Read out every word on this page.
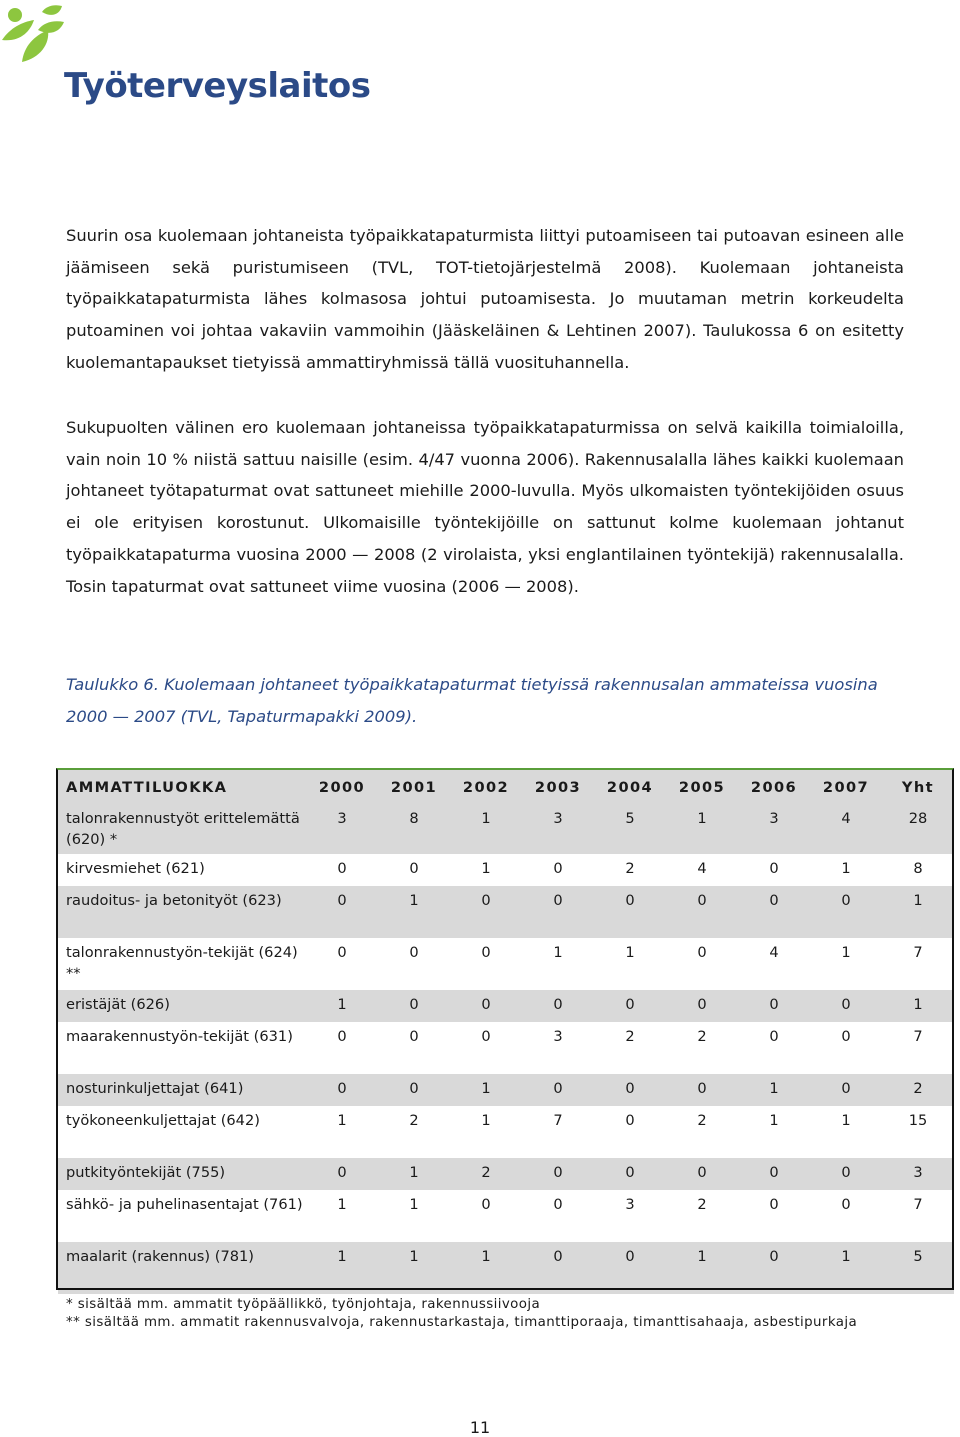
Työterveyslaitos

Suurin osa kuolemaan johtaneista työpaikkatapaturmista liittyi putoamiseen tai putoavan esineen alle jäämiseen sekä puristumiseen (TVL, TOT-tietojärjestelmä 2008). Kuolemaan johtaneista työpaikkatapaturmista lähes kolmasosa johtui putoamisesta. Jo muutaman metrin korkeudelta putoaminen voi johtaa vakaviin vammoihin (Jääskeläinen & Lehtinen 2007). Taulukossa 6 on esitetty kuolemantapaukset tietyissä ammattiryhmissä tällä vuosituhannella.

Sukupuolten välinen ero kuolemaan johtaneissa työpaikkatapaturmissa on selvä kaikilla toimialoilla, vain noin 10 % niistä sattuu naisille (esim. 4/47 vuonna 2006). Rakennusalalla lähes kaikki kuolemaan johtaneet työtapaturmat ovat sattuneet miehille 2000-luvulla. Myös ulkomaisten työntekijöiden osuus ei ole erityisen korostunut. Ulkomaisille työntekijöille on sattunut kolme kuolemaan johtanut työpaikkatapaturma vuosina 2000 — 2008 (2 virolaista, yksi englantilainen työntekijä) rakennusalalla. Tosin tapaturmat ovat sattuneet viime vuosina (2006 — 2008).

Taulukko 6. Kuolemaan johtaneet työpaikkatapaturmat tietyissä rakennusalan ammateissa vuosina 2000 — 2007 (TVL, Tapaturmapakki 2009).

AMMATTILUOKKA	2000	2001	2002	2003	2004	2005	2006	2007	Yht
talonrakennustyöt erittelemättä (620) *	3	8	1	3	5	1	3	4	28
kirvesmiehet (621)	0	0	1	0	2	4	0	1	8
raudoitus- ja betonityöt (623)	0	1	0	0	0	0	0	0	1
talonrakennustyön-tekijät (624) **	0	0	0	1	1	0	4	1	7
eristäjät (626)	1	0	0	0	0	0	0	0	1
maarakennustyön-tekijät (631)	0	0	0	3	2	2	0	0	7
nosturinkuljettajat (641)	0	0	1	0	0	0	1	0	2
työkoneenkuljettajat (642)	1	2	1	7	0	2	1	1	15
putkityöntekijät (755)	0	1	2	0	0	0	0	0	3
sähkö- ja puhelinasentajat (761)	1	1	0	0	3	2	0	0	7
maalarit (rakennus) (781)	1	1	1	0	0	1	0	1	5
* sisältää mm. ammatit työpäällikkö, työnjohtaja, rakennussiivooja
** sisältää mm. ammatit rakennusvalvoja, rakennustarkastaja, timanttiporaaja, timanttisahaaja, asbestipurkaja
11
